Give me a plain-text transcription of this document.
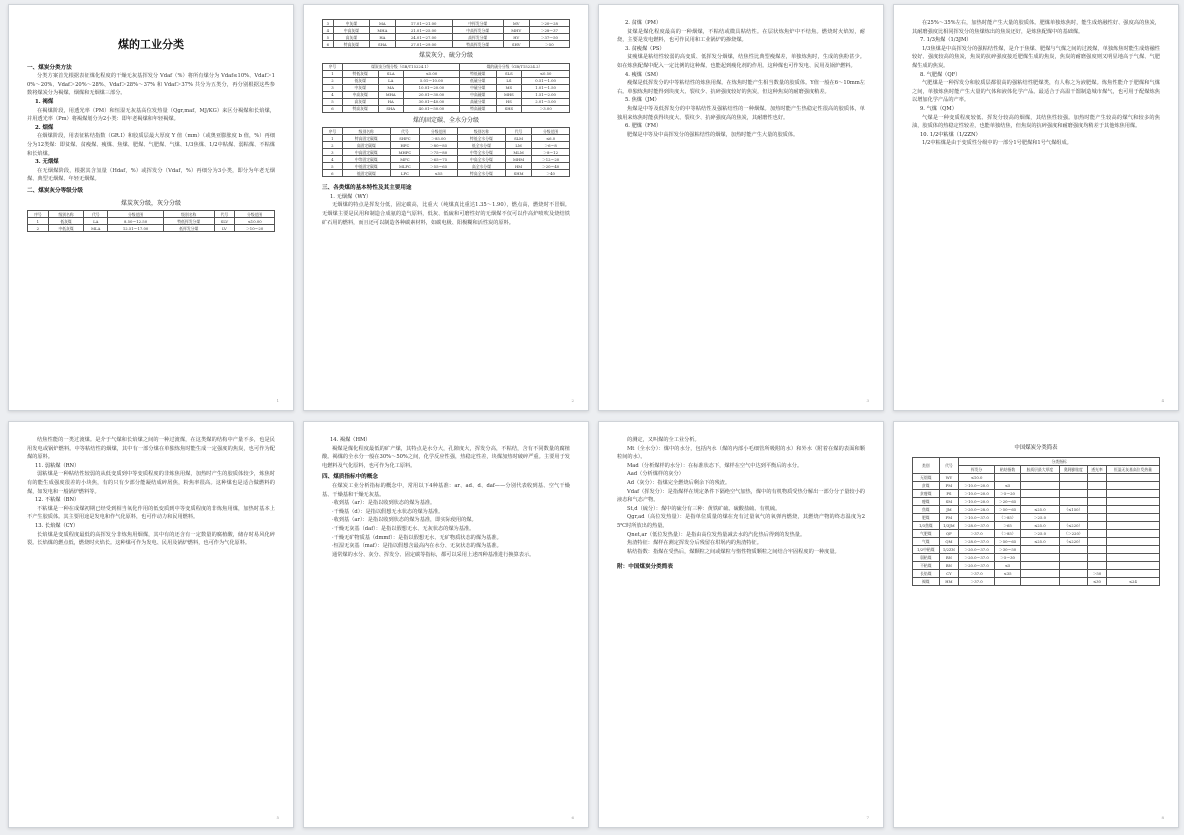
煤的工业分类
一、煤炭分类方法
分类方案首先根据表征煤化程度的干燥无灰基挥发分 Vdaf（%）将所有煤分为 Vdaf≤10%、Vdaf＞10%～20%、Vdaf＞20%～28%、Vdaf＞28%～37% 和 Vdaf＞37% 共分为五类分，再分别根据这些参数将煤炭分为褐煤、烟煤和无烟煤三部分。
1. 褐煤
在褐煤阶段，用透光率（PM）和恒湿无灰基高位发热量（Qgr,maf，MJ/KG）来区分褐煤和长焰煤，并用透光率（Pm）将褐煤划分为2小类：即年老褐煤和年轻褐煤。
2. 烟煤
在烟煤阶段，用表征粘结指数（GR.I）和胶质层最大厚度 Y 值（mm）（或奥亚膨胀度 b 值，%）再细分为12类煤：即贫煤、贫瘦煤、瘦煤、焦煤、肥煤、气肥煤、气煤、1/3焦煤、1/2中粘煤、弱粘煤、不粘煤和长焰煤。
3. 无烟煤
在无烟煤阶段，根据其含氢量（Hdaf，%）或挥发分（Vdaf，%）再细分为3小类，即分为年老无烟煤、典型无烟煤、年轻无烟煤。
二、煤炭灰分等级分级
煤炭灰分级，灰分分级
序号	级别名称	代号	分级范围	级别名称	代号	分级范围
1	低灰煤	LA	8.50～12.50	特低挥发分煤	SLV	≤10.00
2	中低灰煤	MLA	12.51～17.00	低挥发分煤	LV	＞10～20
1
3	中灰煤	MA	17.01～21.00	中挥发分煤	MV	＞20～28
4	中高灰煤	MHA	21.01～25.00	中高挥发分煤	MHV	＞28～37
5	高灰煤	HA	24.01～27.00	高挥发分煤	HV	＞37～50
6	特高灰煤	SHA	27.01～29.00	特高挥发分煤	SHV	＞50
煤炭灰分、硫分分级
序号	煤炭灰分级分级（GB/T15224.1）			煤的硫分分级（GB/T15224.2）		
1	特低灰煤	SLA	≤5.00	特低硫煤	SLS	≤0.50
2	低灰煤	LA	5.01～10.00	低硫分煤	LS	0.51～1.00
3	中灰煤	MA	10.01～20.00	中硫分煤	MS	1.01～1.50
4	中高灰煤	MHA	20.01～30.00	中高硫煤	MHS	1.51～2.00
5	高灰煤	HA	30.01～40.00	高硫分煤	HS	2.01～3.00
6	特高灰煤	SHA	40.01～50.00	特高硫煤	SHS	＞3.00
煤的固定碳、全水分分级
序号	级别名称	代号	分级范围	级别名称	代号	分级范围
1	特高固定碳煤	SHFC	＞85.00	特低全水分煤	SLM	≤6.0
2	高固定碳煤	HFC	＞80～85	低全水分煤	LM	＞6～8
3	中高固定碳煤	MHFC	＞75～80	中等全水分煤	MLM	＞8～12
4	中等固定碳煤	MFC	＞65～75	中高全水分煤	MHM	＞12～20
5	中低固定碳煤	MLFC	＞55～65	高全水分煤	HM	＞20～40
6	低固定碳煤	LFC	≤55	特高全水分煤	SHM	＞40
三、各类煤的基本特性及其主要用途
1. 无烟煤（WY）
无烟煤的特点是挥发分低，固定碳高，比重大（纯煤真比重达1.35～1.90），燃点高，燃烧时不冒烟。无烟煤主要是民用和制造合成氨的造气原料，低灰、低硫和可磨性好的无烟煤不仅可以作高炉喷吹及烧结铁矿石用的燃料，而且还可以制造各种碳素材料，如碳电极、阳极糊和活性炭的原料。
2
2. 贫煤（PM）
贫煤是煤化程度最高的一种烟煤，不粘结或微具粘结性。在层状炼焦炉中不结焦。燃烧时火焰短，耐烧，主要是发电燃料，也可作民用和工业锅炉的掺烧煤。
3. 贫瘦煤（PS）
贫瘦煤是粘结性较弱的高变质、低挥发分烟煤，结焦性比典型瘦煤差，单独炼焦时，生成的焦粉甚少。如在炼焦配煤中配入一定比例的这种煤，也能起到瘦化剂的作用。这种煤也可作发电、民用及锅炉燃料。
4. 瘦煤（SM）
瘦煤是低挥发分的中等粘结性的炼焦用煤。在炼焦时能产生相当数量的胶质体。Y值一般在6～10mm左右。单独炼焦时能得到块度大、裂纹少、抗碎强度较好的焦炭，但这种焦炭的耐磨强度稍差。
5. 焦煤（JM）
焦煤是中等及低挥发分的中等粘结性及强粘结性的一种烟煤。加热时能产生热稳定性很高的胶质体，单独用来炼焦时能获得块度大、裂纹少、抗碎强度高的焦炭，其耐磨性也好。
6. 肥煤（FM）
肥煤是中等及中高挥发分的强粘结性的烟煤，加热时能产生大量的胶质体。
3
在25%～35%左右，加热时能产生大量的胶质体。肥煤单独炼焦时，能生成熔融性好、强度高的焦炭，其耐磨强度比相同挥发分的焦煤炼出的焦炭还好，是炼焦配煤中的基础煤。
7. 1/3焦煤（1/3JM）
1/3焦煤是中高挥发分的强粘结性煤，是介于焦煤、肥煤与气煤之间的过渡煤，单独炼焦时能生成熔融性较好、强度较高的焦炭，焦炭的抗碎强度接近肥煤生成的焦炭，焦炭的耐磨强度则又明显地高于气煤、气肥煤生成的焦炭。
8. 气肥煤（QF）
气肥煤是一种挥发分和胶质层都很高的强粘结性肥煤类，有人称之为液肥煤。炼焦性能介于肥煤和气煤之间，单独炼焦时能产生大量的气体和液体化学产品。最适合于高温干馏制造城市煤气，也可用于配煤炼焦以增加化学产品的产率。
9. 气煤（QM）
气煤是一种变质程度较低、挥发分较高的烟煤，其结焦性较强。加热时能产生较高的煤气和较多的焦油，胶质体的热稳定性较差，也能单独结焦，但焦炭的抗碎强度和耐磨强度均稍差于其他炼焦用煤。
10. 1/2中粘煤（1/2ZN）
1/2中粘煤是由于变质性分级中的一部分1号肥煤和1号气煤组成。
4
结焦性能的一类过渡煤。是介于气煤和长焰煤之间的一种过渡煤，在这类煤的结构中产量不多，也是民用发电或锅炉燃料。中等粘结性的烟煤，其中有一部分煤在单独炼焦时能生成一定强度的焦炭，也可作为配煤的原料。
11. 弱粘煤（RN）
弱粘煤是一种粘结性较弱的从低变质到中等变质程度的非炼焦用煤，加热时产生的胶质体较少，炼焦时有的能生成强度很差的小块焦，有的只有少部分能凝结成碎屑焦，粉焦率很高。这种煤也是适合做燃料的煤，如发电和一般锅炉燃料等。
12. 不粘煤（BN）
不粘煤是一种在成煤初期已经受到相当氧化作用的低变质到中等变质程度的非炼焦用煤，加热时基本上不产生胶质体。其主要用途是发电和作气化原料，也可作动力和民用燃料。
13. 长焰煤（CY）
长焰煤是变质程度最低的高挥发分非炼焦用烟煤，其中有的还含有一定数量的腐植酸，储存时易风化碎裂。长焰煤的燃点低，燃烧时火焰长。这种煤可作为发电、民用及锅炉燃料，也可作为气化原料。
5
14. 褐煤（HM）
褐煤是煤化程度最低的矿产煤，其特点是水分大，孔隙度大，挥发分高，不粘结，含有不同数量的腐植酸。褐煤的全水分一般在30%～50%之间，化学反应性强，热稳定性差，块煤加热时破碎严重。主要用于发电燃料及气化原料，也可作为化工原料。
四、煤质指标中的概念
在煤炭工业分析指标的概念中，常用以下4种基准：ar、ad、d、daf——分别代表收到基、空气干燥基、干燥基和干燥无灰基。
·收到基（ar）：是指以收到状态的煤为基准。
·干燥基（d）：是指以假想无水状态的煤为基准。
·收到基（ar）：是指以收到状态的煤为基准，即实际使用的煤。
·干燥无灰基（daf）：是指以假想无水、无灰状态的煤为基准。
·干燥无矿物质基（dmmf）：是指以假想无水、无矿物质状态的煤为基准。
·恒湿无灰基（maf）：是指以假想含最高内在水分、无灰状态的煤为基准。
通常煤的水分、灰分、挥发分、固定碳等指标，都可以采用上述四种基准进行换算表示。
6
的测定，又叫煤的全工业分析。
Mt（全水分）：煤中的水分，包括内水（煤的内部小毛细管所吸附的水）和外水（附着在煤的表面和颗粒间的水）。
Mad（分析煤样的水分）：在标准状态下，煤样在空气中达到平衡后的水分。
Aad（分析煤样的灰分）
Ad（灰分）：指煤完全燃烧后剩余下的残渣。
Vdaf（挥发分）：是指煤样在规定条件下隔绝空气加热，煤中的有机物质受热分解出一部分分子量较小的液态和气态产物。
St,d（硫分）：煤中的硫分有三种：黄铁矿硫、硫酸盐硫、有机硫。
Qgr,ad（高位发热量）：是指单位质量的煤在充有过量氧气的氧弹内燃烧，其燃烧产物的终态温度为25℃时所放出的热量。
Qnet,ar（低位发热量）：是指由高位发热量减去水的汽化热后得到的发热量。
焦渣特征：煤样在测定挥发分后残留在坩埚内的焦渣特征。
粘结指数：指煤在受热后，煤颗粒之间或煤粒与惰性物质颗粒之间结合牢固程度的一种度量。
附：中国煤炭分类简表
7
中国煤炭分类简表
类别	代号	分类指标					
		挥发分	粘结指数	胶质层最大厚度	奥阿膨胀度	透光率	恒湿无灰基高位发热量
无烟煤	WY	≤10.0					
贫煤	PM	＞10.0～20.0	≤5				
贫瘦煤	PS	＞10.0～20.0	＞5～20				
瘦煤	SM	＞10.0～20.0	＞20～65				
焦煤	JM	＞20.0～28.0	＞50～65	≤25.0	（≤150）		
肥煤	FM	＞10.0～37.0	（＞85）	＞25.0			
1/3焦煤	1/3JM	＞28.0～37.0	＞65	≤25.0	（≤220）		
气肥煤	QF	＞37.0	（＞85）	＞25.0	（＞220）		
气煤	QM	＞28.0～37.0	＞50～65	≤25.0	（≤220）		
1/2中粘煤	1/2ZN	＞20.0～37.0	＞30～50				
弱粘煤	RN	＞20.0～37.0	＞5～30				
不粘煤	BN	＞20.0～37.0	≤5				
长焰煤	CY	＞37.0	≤35			＞50	
褐煤	HM	＞37.0				≤30	≤24
8
